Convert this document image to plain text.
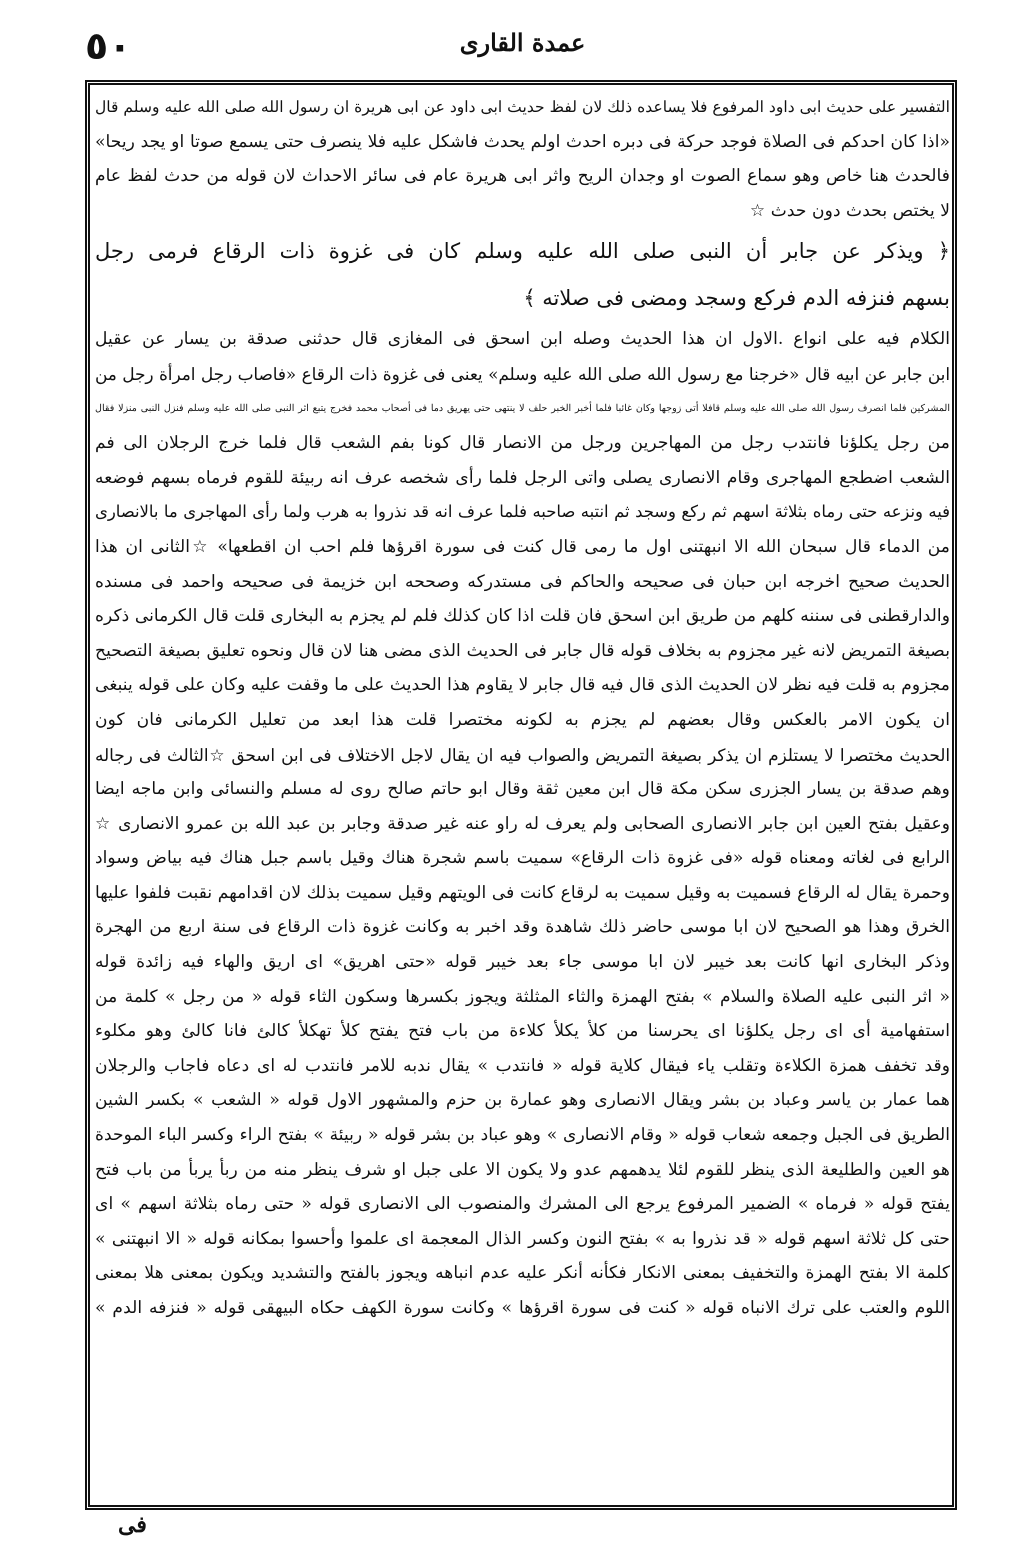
٥٠	عمدة القارى
التفسير على حديث ابى داود المرفوع فلا يساعده ذلك لان لفظ حديث ابى داود عن ابى هريرة ان رسول الله صلى الله عليه وسلم قال
«اذا كان احدكم فى الصلاة فوجد حركة فى دبره احدث اولم يحدث فاشكل عليه فلا ينصرف حتى يسمع صوتا او يجد ريحا»
فالحدث هنا خاص وهو سماع الصوت او وجدان الريح واثر ابى هريرة عام فى سائر الاحداث لان قوله من حدث لفظ عام
لا يختص بحدث دون حدث ☆
﴿ ويذكر عن جابر أن النبى صلى الله عليه وسلم كان فى غزوة ذات الرقاع فرمى رجل
بسهم فنزفه الدم فركع وسجد ومضى فى صلاته ﴾
الكلام فيه على انواع .الاول ان هذا الحديث وصله ابن اسحق فى المغازى قال حدثنى صدقة بن يسار عن عقيل
ابن جابر عن ابيه قال «خرجنا مع رسول الله صلى الله عليه وسلم» يعنى فى غزوة ذات الرقاع «فاصاب رجل امرأة رجل من
المشركين فلما انصرف رسول الله صلى الله عليه وسلم قافلا أتى زوجها وكان غائبا فلما أخبر الخبر حلف لا ينتهى حتى يهريق دما فى أصحاب محمد فخرج يتبع اثر النبى صلى الله عليه وسلم فنزل النبى منزلا فقال
من رجل يكلؤنا فانتدب رجل من المهاجرين ورجل من الانصار قال كونا بفم الشعب قال فلما خرج الرجلان الى فم
الشعب اضطجع المهاجرى وقام الانصارى يصلى واتى الرجل فلما رأى شخصه عرف انه ربيئة للقوم فرماه بسهم فوضعه
فيه ونزعه حتى رماه بثلاثة اسهم ثم ركع وسجد ثم انتبه صاحبه فلما عرف انه قد نذروا به هرب ولما رأى المهاجرى ما بالانصارى
من الدماء قال سبحان الله الا انبهتنى اول ما رمى قال كنت فى سورة اقرؤها فلم احب ان اقطعها» ☆الثانى ان هذا
الحديث صحيح اخرجه ابن حبان فى صحيحه والحاكم فى مستدركه وصححه ابن خزيمة فى صحيحه واحمد فى مسنده
والدارقطنى فى سننه كلهم من طريق ابن اسحق فان قلت اذا كان كذلك فلم لم يجزم به البخارى قلت قال الكرمانى ذكره
بصيغة التمريض لانه غير مجزوم به بخلاف قوله قال جابر فى الحديث الذى مضى هنا لان قال ونحوه تعليق بصيغة التصحيح
مجزوم به قلت فيه نظر لان الحديث الذى قال فيه قال جابر لا يقاوم هذا الحديث على ما وقفت عليه وكان على قوله ينبغى
ان يكون الامر بالعكس وقال بعضهم لم يجزم به لكونه مختصرا قلت هذا ابعد من تعليل الكرمانى فان كون
الحديث مختصرا لا يستلزم ان يذكر بصيغة التمريض والصواب فيه ان يقال لاجل الاختلاف فى ابن اسحق ☆الثالث فى رجاله
وهم صدقة بن يسار الجزرى سكن مكة قال ابن معين ثقة وقال ابو حاتم صالح روى له مسلم والنسائى وابن ماجه ايضا
وعقيل بفتح العين ابن جابر الانصارى الصحابى ولم يعرف له راو عنه غير صدقة وجابر بن عبد الله بن عمرو الانصارى ☆
الرابع فى لغاته ومعناه قوله «فى غزوة ذات الرقاع» سميت باسم شجرة هناك وقيل باسم جبل هناك فيه بياض وسواد
وحمرة يقال له الرقاع فسميت به وقيل سميت به لرقاع كانت فى الويتهم وقيل سميت بذلك لان اقدامهم نقبت فلفوا عليها
الخرق وهذا هو الصحيح لان ابا موسى حاضر ذلك شاهدة وقد اخبر به وكانت غزوة ذات الرقاع فى سنة اربع من الهجرة
وذكر البخارى انها كانت بعد خيبر لان ابا موسى جاء بعد خيبر قوله «حتى اهريق» اى اريق والهاء فيه زائدة قوله
« اثر النبى عليه الصلاة والسلام » بفتح الهمزة والثاء المثلثة ويجوز بكسرها وسكون الثاء قوله « من رجل » كلمة من
استفهامية أى اى رجل يكلؤنا اى يحرسنا من كلأ يكلأ كلاءة من باب فتح يفتح كلأ تهكلأ كالئ فانا كالئ وهو مكلوء
وقد تخفف همزة الكلاءة وتقلب ياء فيقال كلاية قوله « فانتدب » يقال ندبه للامر فانتدب له اى دعاه فاجاب والرجلان
هما عمار بن ياسر وعباد بن بشر ويقال الانصارى وهو عمارة بن حزم والمشهور الاول قوله « الشعب » بكسر الشين
الطريق فى الجبل وجمعه شعاب قوله « وقام الانصارى » وهو عباد بن بشر قوله « ربيئة » بفتح الراء وكسر الباء الموحدة
هو العين والطليعة الذى ينظر للقوم لئلا يدهمهم عدو ولا يكون الا على جبل او شرف ينظر منه من ربأ يربأ من باب فتح
يفتح قوله « فرماه » الضمير المرفوع يرجع الى المشرك والمنصوب الى الانصارى قوله « حتى رماه بثلاثة اسهم » اى
حتى كل ثلاثة اسهم قوله « قد نذروا به » بفتح النون وكسر الذال المعجمة اى علموا وأحسوا بمكانه قوله « الا انبهتنى »
كلمة الا بفتح الهمزة والتخفيف بمعنى الانكار فكأنه أنكر عليه عدم انباهه ويجوز بالفتح والتشديد ويكون بمعنى هلا بمعنى
اللوم والعتب على ترك الانباه قوله « كنت فى سورة اقرؤها » وكانت سورة الكهف حكاه البيهقى قوله « فنزفه الدم »
فى
